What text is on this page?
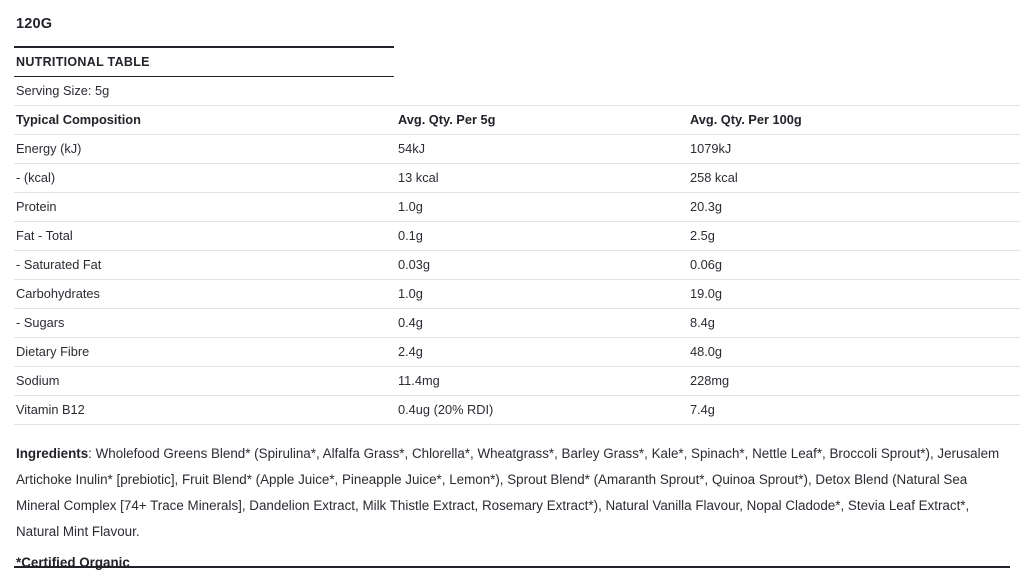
120G
NUTRITIONAL TABLE
Serving Size: 5g		
Typical Composition	Avg. Qty. Per 5g	Avg. Qty. Per 100g
Energy (kJ)	54kJ	1079kJ
- (kcal)	13 kcal	258 kcal
Protein	1.0g	20.3g
Fat - Total	0.1g	2.5g
- Saturated Fat	0.03g	0.06g
Carbohydrates	1.0g	19.0g
- Sugars	0.4g	8.4g
Dietary Fibre	2.4g	48.0g
Sodium	11.4mg	228mg
Vitamin B12	0.4ug (20% RDI)	7.4g
Ingredients: Wholefood Greens Blend* (Spirulina*, Alfalfa Grass*, Chlorella*, Wheatgrass*, Barley Grass*, Kale*, Spinach*, Nettle Leaf*, Broccoli Sprout*), Jerusalem Artichoke Inulin* [prebiotic], Fruit Blend* (Apple Juice*, Pineapple Juice*, Lemon*), Sprout Blend* (Amaranth Sprout*, Quinoa Sprout*), Detox Blend (Natural Sea Mineral Complex [74+ Trace Minerals], Dandelion Extract, Milk Thistle Extract, Rosemary Extract*), Natural Vanilla Flavour, Nopal Cladode*, Stevia Leaf Extract*, Natural Mint Flavour.
*Certified Organic
